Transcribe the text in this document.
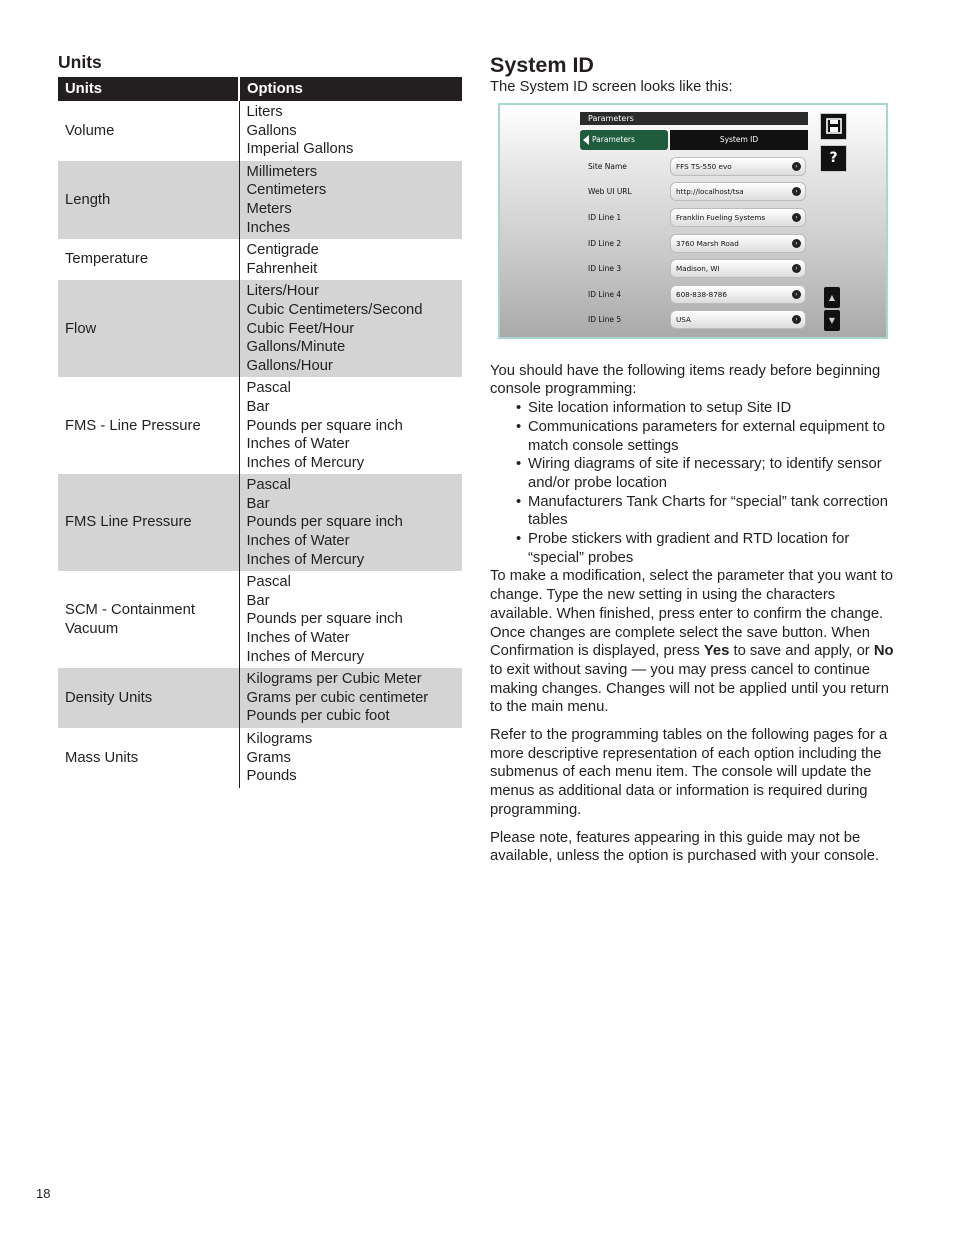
Units
Units	Options
Volume	Liters
Gallons
Imperial Gallons

Length	Millimeters
Centimeters
Meters
Inches

Temperature	Centigrade
Fahrenheit

Flow	Liters/Hour
Cubic Centimeters/Second
Cubic Feet/Hour
Gallons/Minute
Gallons/Hour

FMS - Line Pressure	Pascal
Bar
Pounds per square inch
Inches of Water
Inches of Mercury

FMS Line Pressure	Pascal
Bar
Pounds per square inch
Inches of Water
Inches of Mercury

SCM - Containment Vacuum	Pascal
Bar
Pounds per square inch
Inches of Water
Inches of Mercury

Density Units	Kilograms per Cubic Meter
Grams per cubic centimeter
Pounds per cubic foot

Mass Units	Kilograms
Grams
Pounds
System ID

The System ID screen looks like this:

Parameters
Parameters	System ID
Site Name	FFS TS-550 evo	›
Web UI URL	http://localhost/tsa	›
ID Line 1	Franklin Fueling Systems	›
ID Line 2	3760 Marsh Road	›
ID Line 3	Madison, WI	›
ID Line 4	608-838-8786	›
ID Line 5	USA	›
?
▲
▼

You should have the following items ready before beginning console programming:

• Site location information to setup Site ID
• Communications parameters for external equipment to match console settings
• Wiring diagrams of site if necessary; to identify sensor and/or probe location
• Manufacturers Tank Charts for “special” tank correction tables
• Probe stickers with gradient and RTD location for “special” probes

To make a modification, select the parameter that you want to change. Type the new setting in using the characters available. When finished, press enter to confirm the change. Once changes are complete select the save button. When Confirmation is displayed, press Yes to save and apply, or No to exit without saving — you may press cancel to continue making changes. Changes will not be applied until you return to the main menu.

Refer to the programming tables on the following pages for a more descriptive representation of each option including the submenus of each menu item. The console will update the menus as additional data or information is required during programming.

Please note, features appearing in this guide may not be available, unless the option is purchased with your console.

18
